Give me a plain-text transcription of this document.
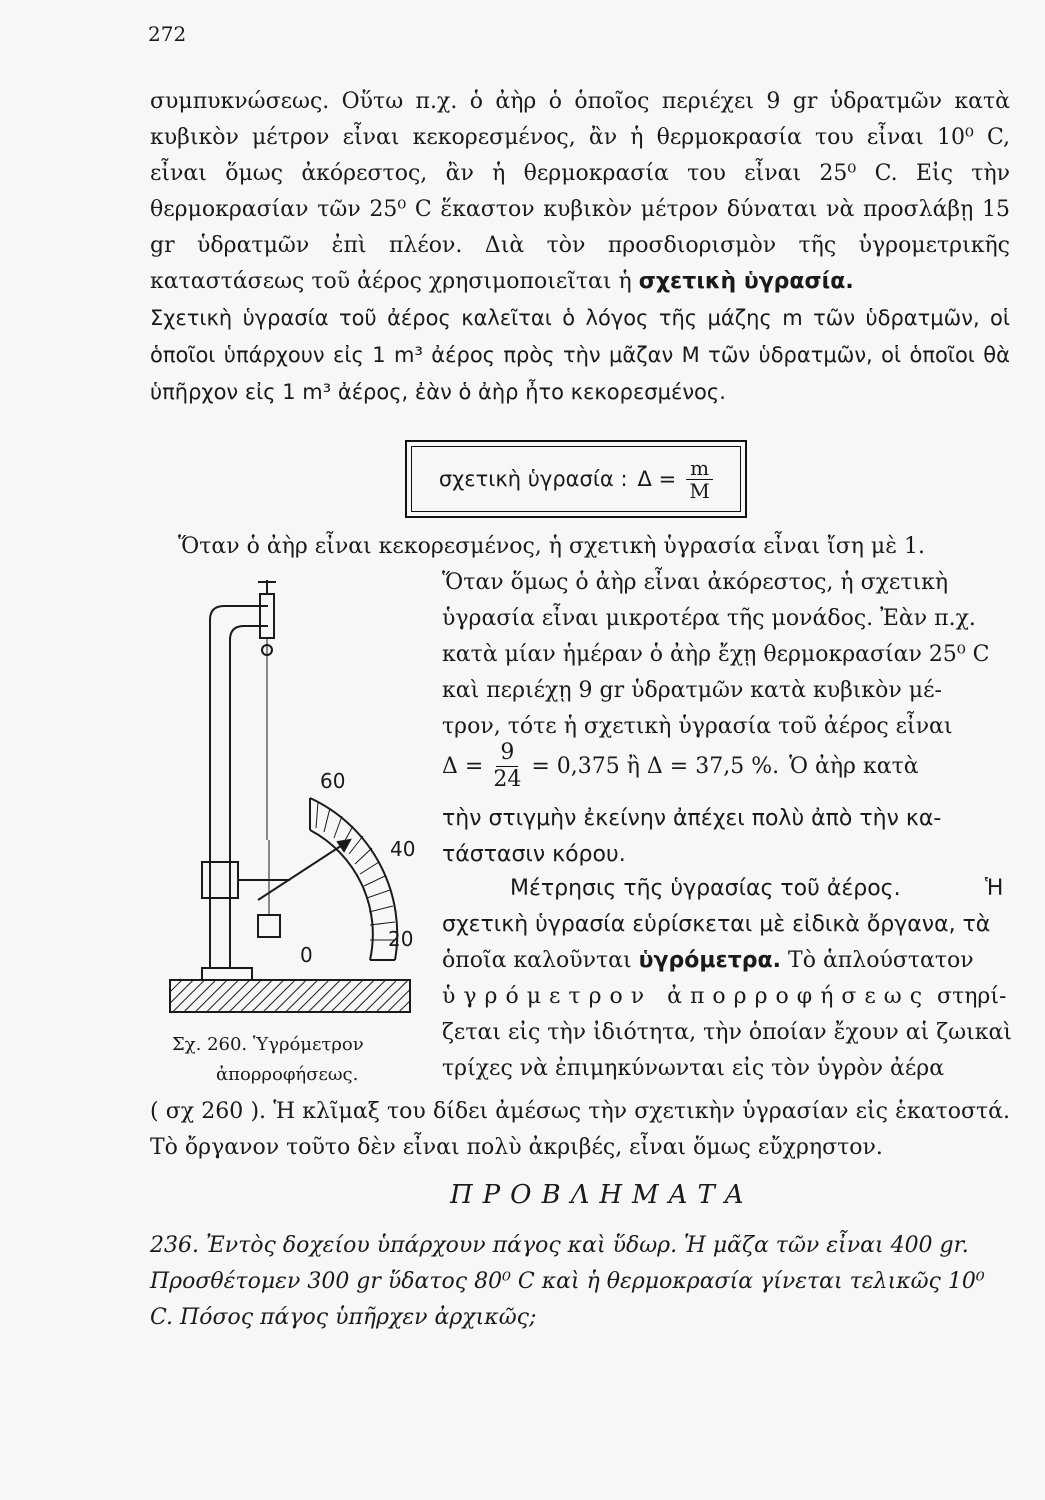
272

συμπυκνώσεως. Οὕτω π.χ. ὁ ἀὴρ ὁ ὁποῖος περιέχει 9 gr ὑδρατμῶν κατὰ κυβικὸν μέτρον εἶναι κεκορεσμένος, ἂν ἡ θερμοκρασία του εἶναι 10⁰ C, εἶναι ὅμως ἀκόρεστος, ἂν ἡ θερμοκρασία του εἶναι 25⁰ C. Εἰς τὴν θερμοκρασίαν τῶν 25⁰ C ἕκαστον κυβικὸν μέτρον δύναται νὰ προσλάβῃ 15 gr ὑδρατμῶν ἐπὶ πλέον. Διὰ τὸν προσδιορισμὸν τῆς ὑγρομετρικῆς καταστάσεως τοῦ ἀέρος χρησιμοποιεῖται ἡ σχετικὴ ὑγρασία.

Σχετικὴ ὑγρασία τοῦ ἀέρος καλεῖται ὁ λόγος τῆς μάζης m τῶν ὑδρατμῶν, οἱ ὁποῖοι ὑπάρχουν εἰς 1 m³ ἀέρος πρὸς τὴν μᾶζαν M τῶν ὑδρατμῶν, οἱ ὁποῖοι θὰ ὑπῆρχον εἰς 1 m³ ἀέρος, ἐὰν ὁ ἀὴρ ἦτο κεκορεσμένος.

σχετικὴ ὑγρασία : $\Delta = \frac{m}{M}$
Ὅταν ὁ ἀὴρ εἶναι κεκορεσμένος, ἡ σχετικὴ ὑγρασία εἶναι ἴση μὲ 1.
Ὅταν ὅμως ὁ ἀὴρ εἶναι ἀκόρεστος, ἡ σχετικὴ
ὑγρασία εἶναι μικροτέρα τῆς μονάδος. Ἐὰν π.χ.
κατὰ μίαν ἡμέραν ὁ ἀὴρ ἔχῃ θερμοκρασίαν 25⁰ C
καὶ περιέχῃ 9 gr ὑδρατμῶν κατὰ κυβικὸν μέ-
τρον, τότε ἡ σχετικὴ ὑγρασία τοῦ ἀέρος εἶναι
$\Delta = \frac{9}{24} = 0,375$ ἢ Δ = 37,5 %. Ὁ ἀὴρ κατὰ
τὴν στιγμὴν ἐκείνην ἀπέχει πολὺ ἀπὸ τὴν κα-
τάστασιν κόρου.
Μέτρησις τῆς ὑγρασίας τοῦ ἀέρος.	Ἡ
σχετικὴ ὑγρασία εὑρίσκεται μὲ εἰδικὰ ὄργανα, τὰ
ὁποῖα καλοῦνται ὑγρόμετρα. Τὸ ἁπλούστατον
ὑγρόμετρον ἀπορροφήσεως στηρί-
ζεται εἰς τὴν ἰδιότητα, τὴν ὁποίαν ἔχουν αἱ ζωικαὶ
τρίχες νὰ ἐπιμηκύνωνται εἰς τὸν ὑγρὸν ἀέρα

( σχ 260 ). Ἡ κλῖμαξ του δίδει ἀμέσως τὴν σχετικὴν ὑγρασίαν εἰς ἑκατοστά. Τὸ ὄργανον τοῦτο δὲν εἶναι πολὺ ἀκριβές, εἶναι ὅμως εὔχρηστον.

60
40
20
0
Σχ. 260. Ὑγρόμετρον
ἀπορροφήσεως.
ΠΡΟΒΛΗΜΑΤΑ

236. Ἐντὸς δοχείου ὑπάρχουν πάγος καὶ ὕδωρ. Ἡ μᾶζα τῶν εἶναι 400 gr. Προσθέτομεν 300 gr ὕδατος 80⁰ C καὶ ἡ θερμοκρασία γίνεται τελικῶς 10⁰ C. Πόσος πάγος ὑπῆρχεν ἀρχικῶς;
